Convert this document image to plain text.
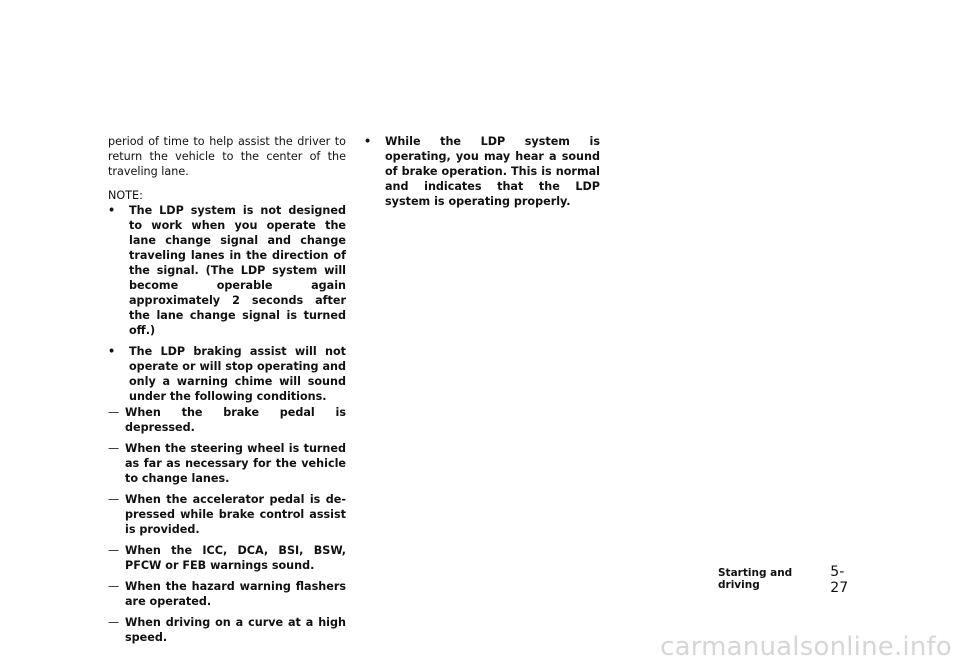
period of time to help assist the driver to return the vehicle to the center of the traveling lane.

NOTE:

•	The LDP system is not designed to work when you operate the lane change signal and change traveling lanes in the direction of the signal. (The LDP system will become operable again approximately 2 seconds after the lane change signal is turned off.)

•	The LDP braking assist will not operate or will stop operating and only a warning chime will sound under the following conditions.

— When the brake pedal is depressed.

— When the steering wheel is turned as far as necessary for the vehicle to change lanes.

— When the accelerator pedal is de- pressed while brake control assist is provided.

— When the ICC, DCA, BSI, BSW, PFCW or FEB warnings sound.

— When the hazard warning flashers are operated.

— When driving on a curve at a high speed.

•	While the LDP system is operating, you may hear a sound of brake operation. This is normal and indicates that the LDP system is operating properly.

Starting and driving
5-27
carmanualsonline.info
